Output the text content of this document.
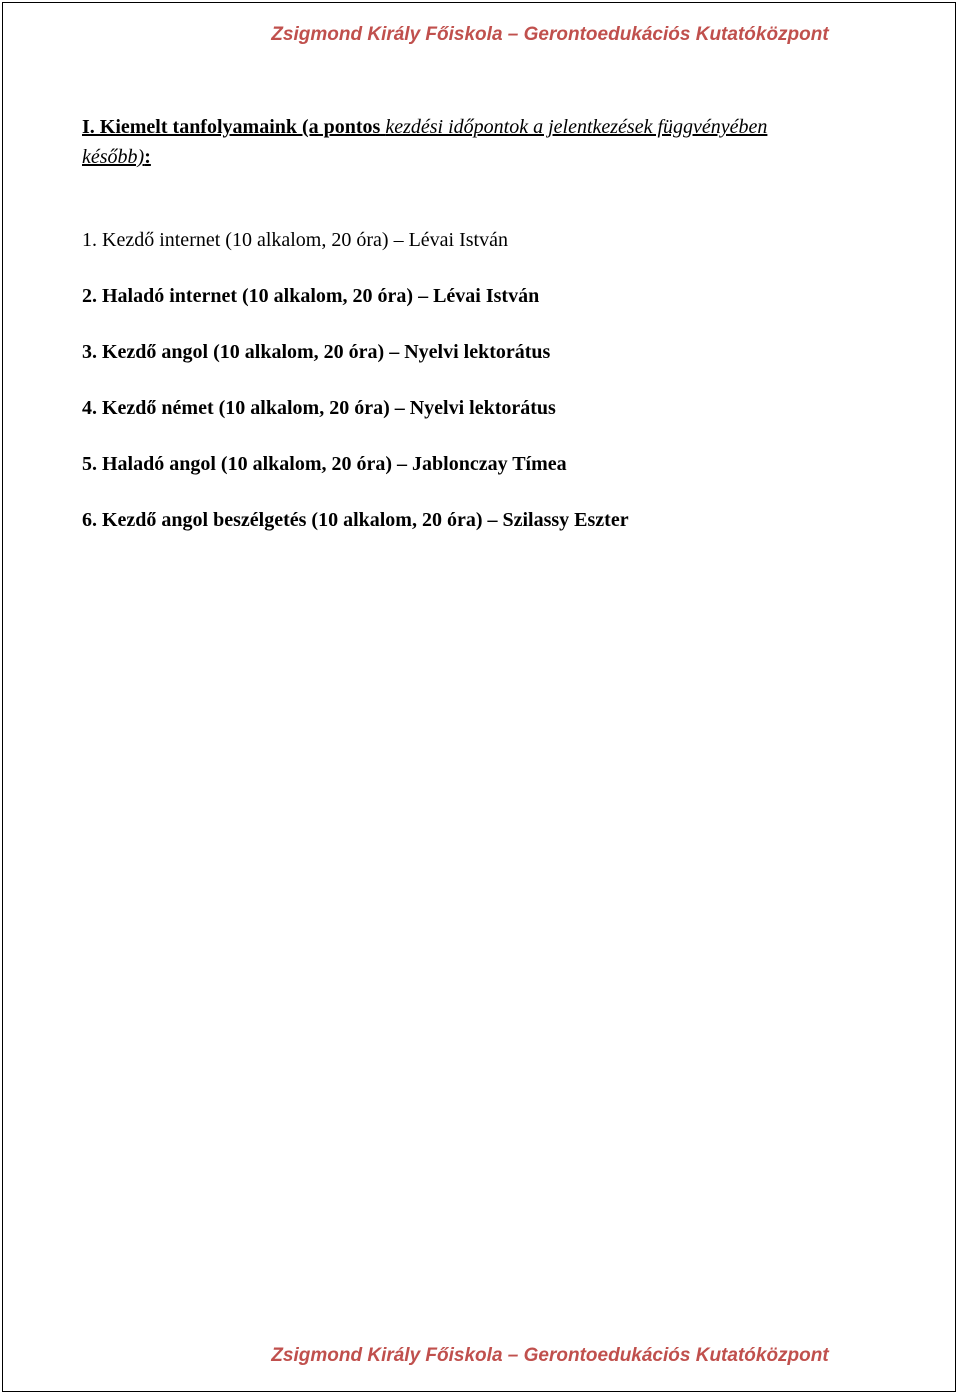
Zsigmond Király Főiskola – Gerontoedukációs Kutatóközpont
I. Kiemelt tanfolyamaink (a pontos kezdési időpontok a jelentkezések függvényében később):
1. Kezdő internet (10 alkalom, 20 óra) – Lévai István
2. Haladó internet (10 alkalom, 20 óra) – Lévai István
3. Kezdő angol (10 alkalom, 20 óra) – Nyelvi lektorátus
4. Kezdő német (10 alkalom, 20 óra) – Nyelvi lektorátus
5. Haladó angol (10 alkalom, 20 óra) – Jablonczay Tímea
6. Kezdő angol beszélgetés (10 alkalom, 20 óra) – Szilassy Eszter
Zsigmond Király Főiskola – Gerontoedukációs Kutatóközpont
